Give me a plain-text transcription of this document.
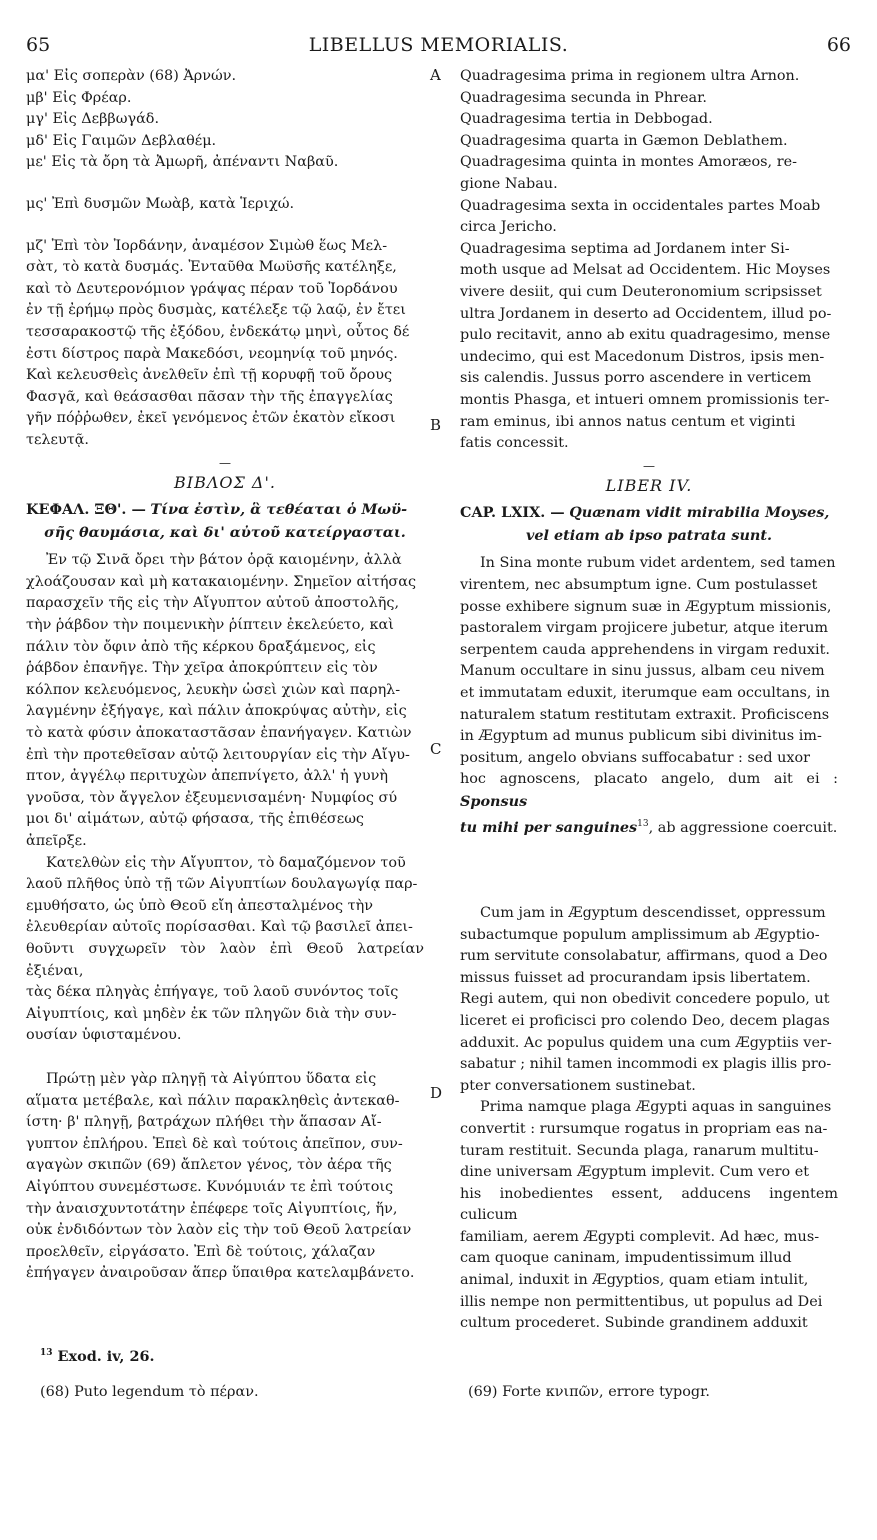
65	LIBELLUS MEMORIALIS.	66
A
B
C
D
μα' Εἰς σοπερὰν (68) Ἀρνών.
μβ' Εἰς Φρέαρ.
μγ' Εἰς Δεββωγάδ.
μδ' Εἰς Γαιμῶν Δεβλαθέμ.
με' Εἰς τὰ ὄρη τὰ Ἀμωρῆ, ἀπέναντι Ναβαῦ.
μς' Ἐπὶ δυσμῶν Μωὰβ, κατὰ Ἱεριχώ.
μζ' Ἐπὶ τὸν Ἰορδάνην, ἀναμέσον Σιμὼθ ἕως Μελ-
σὰτ, τὸ κατὰ δυσμάς. Ἐνταῦθα Μωϋσῆς κατέληξε,
καὶ τὸ Δευτερονόμιον γράψας πέραν τοῦ Ἰορδάνου
ἐν τῇ ἐρήμῳ πρὸς δυσμὰς, κατέλεξε τῷ λαῷ, ἐν ἔτει
τεσσαρακοστῷ τῆς ἐξόδου, ἑνδεκάτῳ μηνὶ, οὗτος δέ
ἐστι δίστρος παρὰ Μακεδόσι, νεομηνίᾳ τοῦ μηνός.
Καὶ κελευσθεὶς ἀνελθεῖν ἐπὶ τῇ κορυφῇ τοῦ ὄρους
Φασγᾶ, καὶ θεάσασθαι πᾶσαν τὴν τῆς ἐπαγγελίας
γῆν πόῤῥωθεν, ἐκεῖ γενόμενος ἐτῶν ἑκατὸν εἴκοσι
τελευτᾷ.
—
ΒΙΒΛΟΣ Δ'.
ΚΕΦΑΛ. ΞΘ'. — Τίνα ἐστὶν, ἃ τεθέαται ὁ Μωϋ-
σῆς θαυμάσια, καὶ δι' αὐτοῦ κατείργασται.
Ἐν τῷ Σινᾶ ὄρει τὴν βάτον ὁρᾷ καιομένην, ἀλλὰ
χλοάζουσαν καὶ μὴ κατακαιομένην. Σημεῖον αἰτήσας
παρασχεῖν τῆς εἰς τὴν Αἴγυπτον αὐτοῦ ἀποστολῆς,
τὴν ῥάβδον τὴν ποιμενικὴν ῥίπτειν ἐκελεύετο, καὶ
πάλιν τὸν ὄφιν ἀπὸ τῆς κέρκου δραξάμενος, εἰς
ῥάβδον ἐπανῆγε. Τὴν χεῖρα ἀποκρύπτειν εἰς τὸν
κόλπον κελευόμενος, λευκὴν ὡσεὶ χιὼν καὶ παρηλ-
λαγμένην ἐξήγαγε, καὶ πάλιν ἀποκρύψας αὐτὴν, εἰς
τὸ κατὰ φύσιν ἀποκαταστᾶσαν ἐπανήγαγεν. Κατιὼν
ἐπὶ τὴν προτεθεῖσαν αὐτῷ λειτουργίαν εἰς τὴν Αἴγυ-
πτον, ἀγγέλῳ περιτυχὼν ἀπεπνίγετο, ἀλλ' ἡ γυνὴ
γνοῦσα, τὸν ἄγγελον ἐξευμενισαμένη· Νυμφίος σύ
μοι δι' αἱμάτων, αὐτῷ φήσασα, τῆς ἐπιθέσεως
ἀπεῖρξε.
Κατελθὼν εἰς τὴν Αἴγυπτον, τὸ δαμαζόμενον τοῦ
λαοῦ πλῆθος ὑπὸ τῇ τῶν Αἰγυπτίων δουλαγωγίᾳ παρ-
εμυθήσατο, ὡς ὑπὸ Θεοῦ εἴη ἀπεσταλμένος τὴν
ἐλευθερίαν αὐτοῖς πορίσασθαι. Καὶ τῷ βασιλεῖ ἀπει-
θοῦντι συγχωρεῖν τὸν λαὸν ἐπὶ Θεοῦ λατρείαν ἐξιέναι,
τὰς δέκα πληγὰς ἐπήγαγε, τοῦ λαοῦ συνόντος τοῖς
Αἰγυπτίοις, καὶ μηδὲν ἐκ τῶν πληγῶν διὰ τὴν συν-
ουσίαν ὑφισταμένου.
Πρώτῃ μὲν γὰρ πληγῇ τὰ Αἰγύπτου ὕδατα εἰς
αἵματα μετέβαλε, καὶ πάλιν παρακληθεὶς ἀντεκαθ-
ίστη· β' πληγῇ, βατράχων πλήθει τὴν ἅπασαν Αἴ-
γυπτον ἐπλήρου. Ἐπεὶ δὲ καὶ τούτοις ἀπεῖπον, συν-
αγαγὼν σκιπῶν (69) ἄπλετον γένος, τὸν ἀέρα τῆς
Αἰγύπτου συνεμέστωσε. Κυνόμυιάν τε ἐπὶ τούτοις
τὴν ἀναισχυντοτάτην ἐπέφερε τοῖς Αἰγυπτίοις, ἥν,
οὐκ ἐνδιδόντων τὸν λαὸν εἰς τὴν τοῦ Θεοῦ λατρείαν
προελθεῖν, εἰργάσατο. Ἐπὶ δὲ τούτοις, χάλαζαν
ἐπήγαγεν ἀναιροῦσαν ἅπερ ὕπαιθρα κατελαμβάνετο.
Quadragesima prima in regionem ultra Arnon.
Quadragesima secunda in Phrear.
Quadragesima tertia in Debbogad.
Quadragesima quarta in Gæmon Deblathem.
Quadragesima quinta in montes Amoræos, re-
gione Nabau.
Quadragesima sexta in occidentales partes Moab
circa Jericho.
Quadragesima septima ad Jordanem inter Si-
moth usque ad Melsat ad Occidentem. Hic Moyses
vivere desiit, qui cum Deuteronomium scripsisset
ultra Jordanem in deserto ad Occidentem, illud po-
pulo recitavit, anno ab exitu quadragesimo, mense
undecimo, qui est Macedonum Distros, ipsis men-
sis calendis. Jussus porro ascendere in verticem
montis Phasga, et intueri omnem promissionis ter-
ram eminus, ibi annos natus centum et viginti
fatis concessit.
—
LIBER IV.
CAP. LXIX. — Quænam vidit mirabilia Moyses,
vel etiam ab ipso patrata sunt.
In Sina monte rubum videt ardentem, sed tamen
virentem, nec absumptum igne. Cum postulasset
posse exhibere signum suæ in Ægyptum missionis,
pastoralem virgam projicere jubetur, atque iterum
serpentem cauda apprehendens in virgam reduxit.
Manum occultare in sinu jussus, albam ceu nivem
et immutatam eduxit, iterumque eam occultans, in
naturalem statum restitutam extraxit. Proficiscens
in Ægyptum ad munus publicum sibi divinitus im-
positum, angelo obvians suffocabatur : sed uxor
hoc agnoscens, placato angelo, dum ait ei : Sponsus
tu mihi per sanguines$^{13}$, ab aggressione coercuit.
Cum jam in Ægyptum descendisset, oppressum
subactumque populum amplissimum ab Ægyptio-
rum servitute consolabatur, affirmans, quod a Deo
missus fuisset ad procurandam ipsis libertatem.
Regi autem, qui non obedivit concedere populo, ut
liceret ei proficisci pro colendo Deo, decem plagas
adduxit. Ac populus quidem una cum Ægyptiis ver-
sabatur ; nihil tamen incommodi ex plagis illis pro-
pter conversationem sustinebat.
Prima namque plaga Ægypti aquas in sanguines
convertit : rursumque rogatus in propriam eas na-
turam restituit. Secunda plaga, ranarum multitu-
dine universam Ægyptum implevit. Cum vero et
his inobedientes essent, adducens ingentem culicum
familiam, aerem Ægypti complevit. Ad hæc, mus-
cam quoque caninam, impudentissimum illud
animal, induxit in Ægyptios, quam etiam intulit,
illis nempe non permittentibus, ut populus ad Dei
cultum procederet. Subinde grandinem adduxit
$^{13}$ Exod. iv, 26.
(68) Puto legendum τὸ πέραν.	(69) Forte κνιπῶν, errore typogr.
